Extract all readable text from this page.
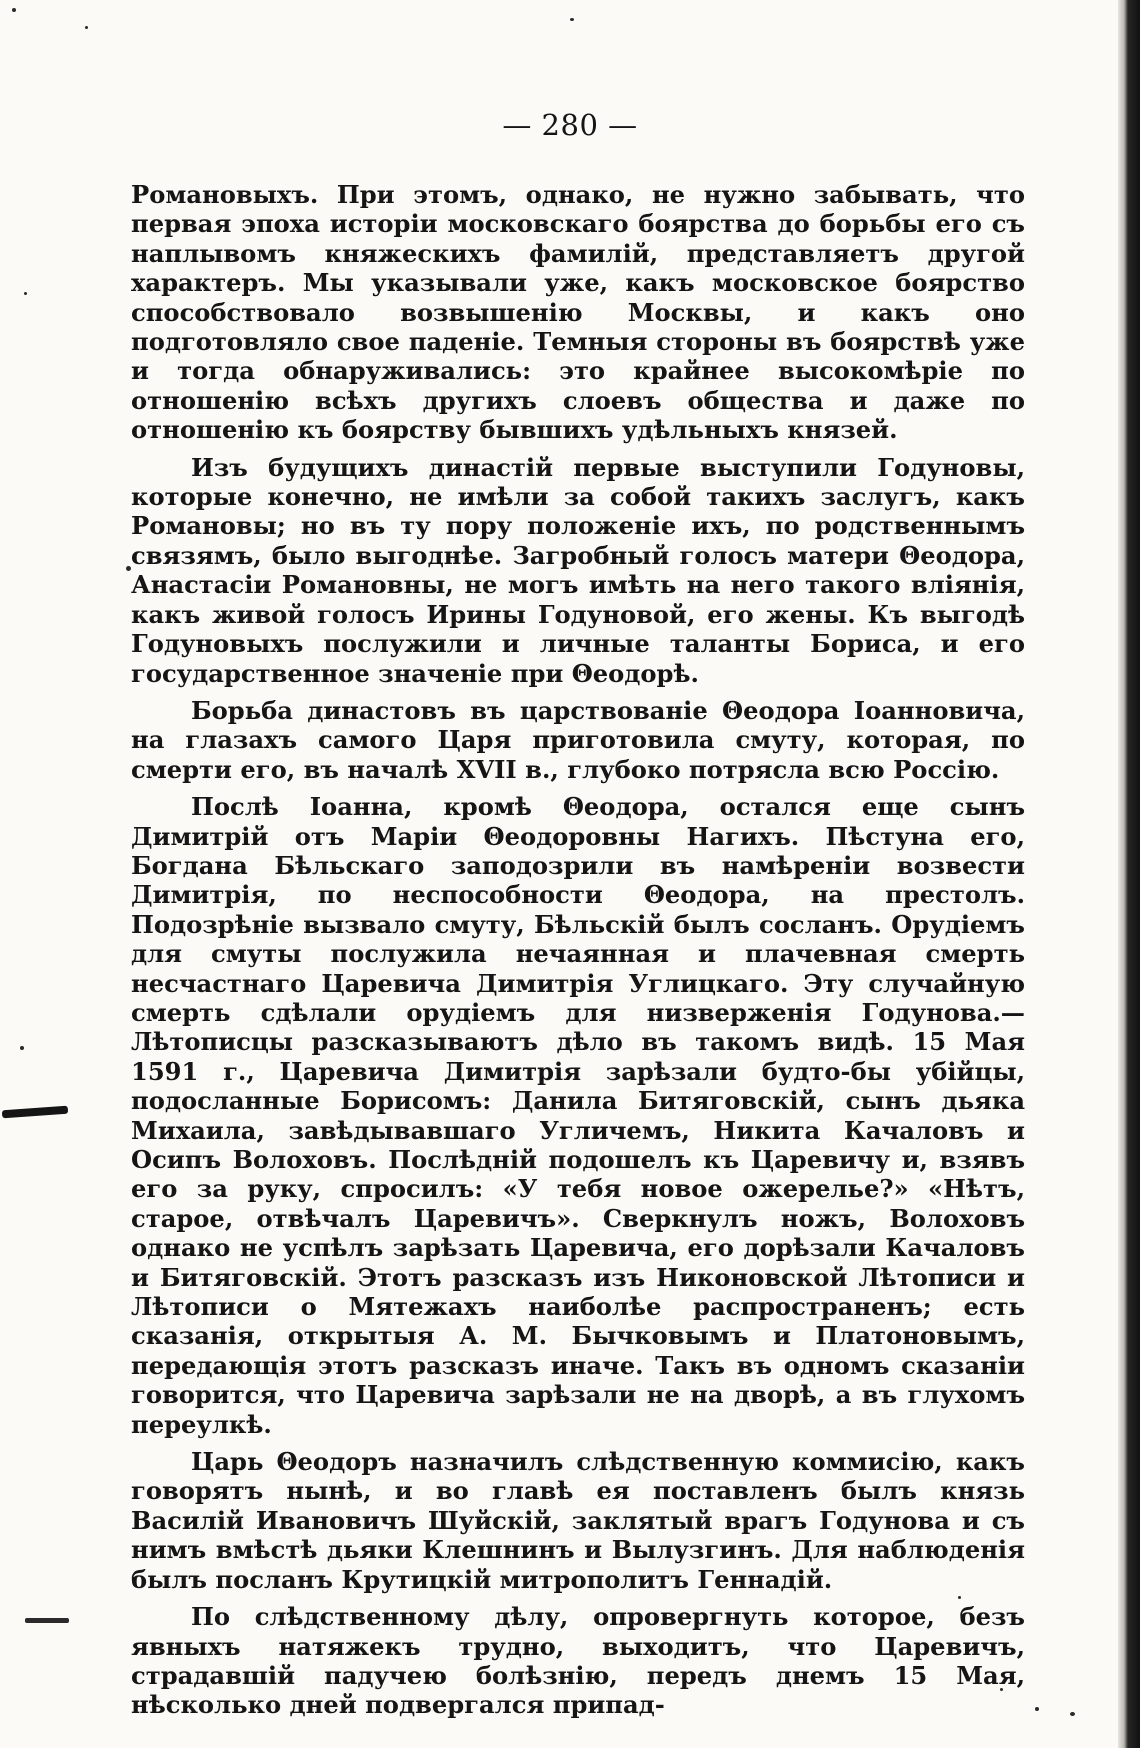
— 280 —

Романовыхъ. При этомъ, однако, не нужно забывать, что первая эпоха исторіи московскаго боярства до борьбы его съ наплывомъ княжескихъ фамилій, представляетъ другой характеръ. Мы указывали уже, какъ московское боярство способствовало возвышенію Москвы, и какъ оно подготовляло свое паденіе. Темныя стороны въ боярствѣ уже и тогда обнаруживались: это крайнее высокомѣріе по отношенію всѣхъ другихъ слоевъ общества и даже по отношенію къ боярству бывшихъ удѣльныхъ князей.

Изъ будущихъ династій первые выступили Годуновы, которые конечно, не имѣли за собой такихъ заслугъ, какъ Романовы; но въ ту пору положеніе ихъ, по родственнымъ связямъ, было выгоднѣе. Загробный голосъ матери Θеодора, Анастасіи Романовны, не могъ имѣть на него такого вліянія, какъ живой голосъ Ирины Годуновой, его жены. Къ выгодѣ Годуновыхъ послужили и личные таланты Бориса, и его государственное значеніе при Θеодорѣ.

Борьба династовъ въ царствованіе Θеодора Іоанновича, на глазахъ самого Царя приготовила смуту, которая, по смерти его, въ началѣ XVII в., глубоко потрясла всю Россію.

Послѣ Іоанна, кромѣ Θеодора, остался еще сынъ Димитрій отъ Маріи Θеодоровны Нагихъ. Пѣстуна его, Богдана Бѣльскаго заподозрили въ намѣреніи возвести Димитрія, по неспособности Θеодора, на престолъ. Подозрѣніе вызвало смуту, Бѣльскій былъ сосланъ. Орудіемъ для смуты послужила нечаянная и плачевная смерть несчастнаго Царевича Димитрія Углицкаго. Эту случайную смерть сдѣлали орудіемъ для низверженія Годунова.—Лѣтописцы разсказываютъ дѣло въ такомъ видѣ. 15 Мая 1591 г., Царевича Димитрія зарѣзали будто-бы убійцы, подосланные Борисомъ: Данила Битяговскій, сынъ дьяка Михаила, завѣдывавшаго Угличемъ, Никита Качаловъ и Осипъ Волоховъ. Послѣдній подошелъ къ Царевичу и, взявъ его за руку, спросилъ: «У тебя новое ожерелье?» «Нѣтъ, старое, отвѣчалъ Царевичъ». Сверкнулъ ножъ, Волоховъ однако не успѣлъ зарѣзать Царевича, его дорѣзали Качаловъ и Битяговскій. Этотъ разсказъ изъ Никоновской Лѣтописи и Лѣтописи о Мятежахъ наиболѣе распространенъ; есть сказанія, открытыя А. М. Бычковымъ и Платоновымъ, передающія этотъ разсказъ иначе. Такъ въ одномъ сказаніи говорится, что Царевича зарѣзали не на дворѣ, а въ глухомъ переулкѣ.

Царь Θеодоръ назначилъ слѣдственную коммисію, какъ говорятъ нынѣ, и во главѣ ея поставленъ былъ князь Василій Ивановичъ Шуйскій, заклятый врагъ Годунова и съ нимъ вмѣстѣ дьяки Клешнинъ и Вылузгинъ. Для наблюденія былъ посланъ Крутицкій митрополитъ Геннадій.

По слѣдственному дѣлу, опровергнуть которое, безъ явныхъ натяжекъ трудно, выходитъ, что Царевичъ, страдавшій падучею болѣзнію, передъ днемъ 15 Мая, нѣсколько дней подвергался припад-
